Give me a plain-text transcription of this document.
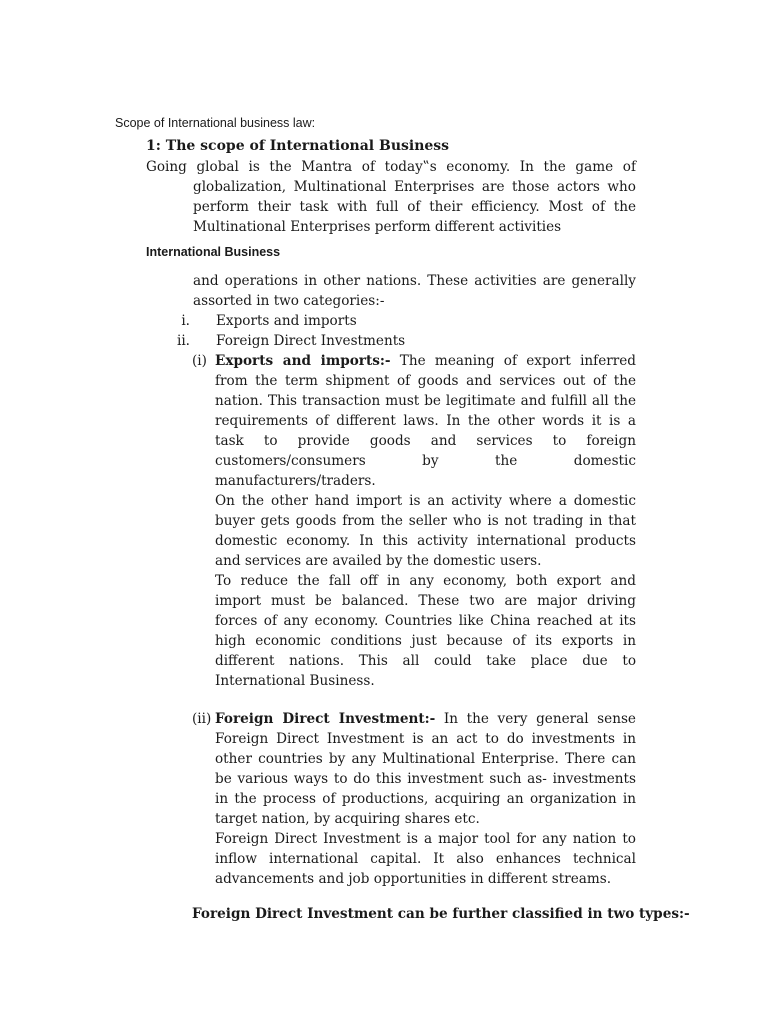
Scope of International business law:
1: The scope of International Business

Going global is the Mantra of today‟s economy. In the game of

globalization, Multinational Enterprises are those actors who perform their task with full of their efficiency. Most of the Multinational Enterprises perform different activities

International Business

and operations in other nations. These activities are generally assorted in two categories:-

i. Exports and imports
ii. Foreign Direct Investments
(i) Exports and imports:- The meaning of export inferred from the term shipment of goods and services out of the nation. This transaction must be legitimate and fulfill all the requirements of different laws. In the other words it is a task to provide goods and services to foreign customers/consumers by the domestic

manufacturers/traders.

On the other hand import is an activity where a domestic buyer gets goods from the seller who is not trading in that domestic economy. In this activity international products and services are availed by the domestic users.

To reduce the fall off in any economy, both export and import must be balanced. These two are major driving forces of any economy. Countries like China reached at its high economic conditions just because of its exports in different nations. This all could take place due to International Business.

(ii) Foreign Direct Investment:- In the very general sense Foreign Direct Investment is an act to do investments in other countries by any Multinational Enterprise. There can be various ways to do this investment such as- investments in the process of productions, acquiring an organization in target nation, by acquiring shares etc.

Foreign Direct Investment is a major tool for any nation to inflow international capital. It also enhances technical advancements and job opportunities in different streams.

Foreign Direct Investment can be further classified in two types:-
